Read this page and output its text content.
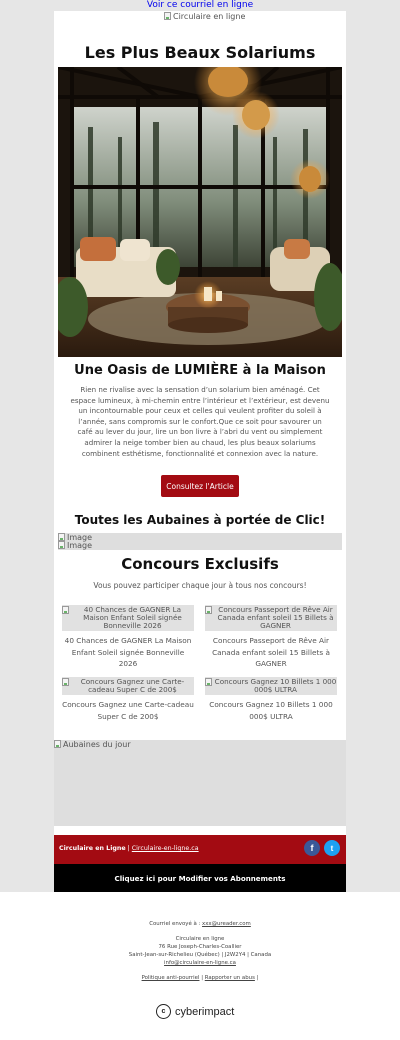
Voir ce courriel en ligne
Circulaire en ligne
Les Plus Beaux Solariums
Une Oasis de LUMIÈRE à la Maison
Rien ne rivalise avec la sensation d’un solarium bien aménagé. Cet espace lumineux, à mi-chemin entre l’intérieur et l’extérieur, est devenu un incontournable pour ceux et celles qui veulent profiter du soleil à l’année, sans compromis sur le confort.Que ce soit pour savourer un café au lever du jour, lire un bon livre à l’abri du vent ou simplement admirer la neige tomber bien au chaud, les plus beaux solariums combinent esthétisme, fonctionnalité et connexion avec la nature.
Consultez l'Article
Toutes les Aubaines à portée de Clic!
Image
Image
Concours Exclusifs
Vous pouvez participer chaque jour à tous nos concours!
40 Chances de GAGNER La Maison Enfant Soleil signée Bonneville 2026
40 Chances de GAGNER La Maison Enfant Soleil signée Bonneville 2026
Concours Passeport de Rêve Air Canada enfant soleil 15 Billets à GAGNER
Concours Passeport de Rêve Air Canada enfant soleil 15 Billets à GAGNER
Concours Gagnez une Carte-cadeau Super C de 200$
Concours Gagnez une Carte-cadeau Super C de 200$
Concours Gagnez 10 Billets 1 000 000$ ULTRA
Concours Gagnez 10 Billets 1 000 000$ ULTRA
Aubaines du jour
Circulaire en Ligne | Circulaire-en-ligne.ca	f	t
Cliquez ici pour Modifier vos Abonnements
Courriel envoyé à : xxx@ureader.com
Circulaire en ligne
76 Rue Joseph-Charles-Coallier
Saint-Jean-sur-Richelieu (Québec) | J2W2Y4 | Canada
info@circulaire-en-ligne.ca
Politique anti-pourriel | Rapporter un abus |
c cyberimpact
